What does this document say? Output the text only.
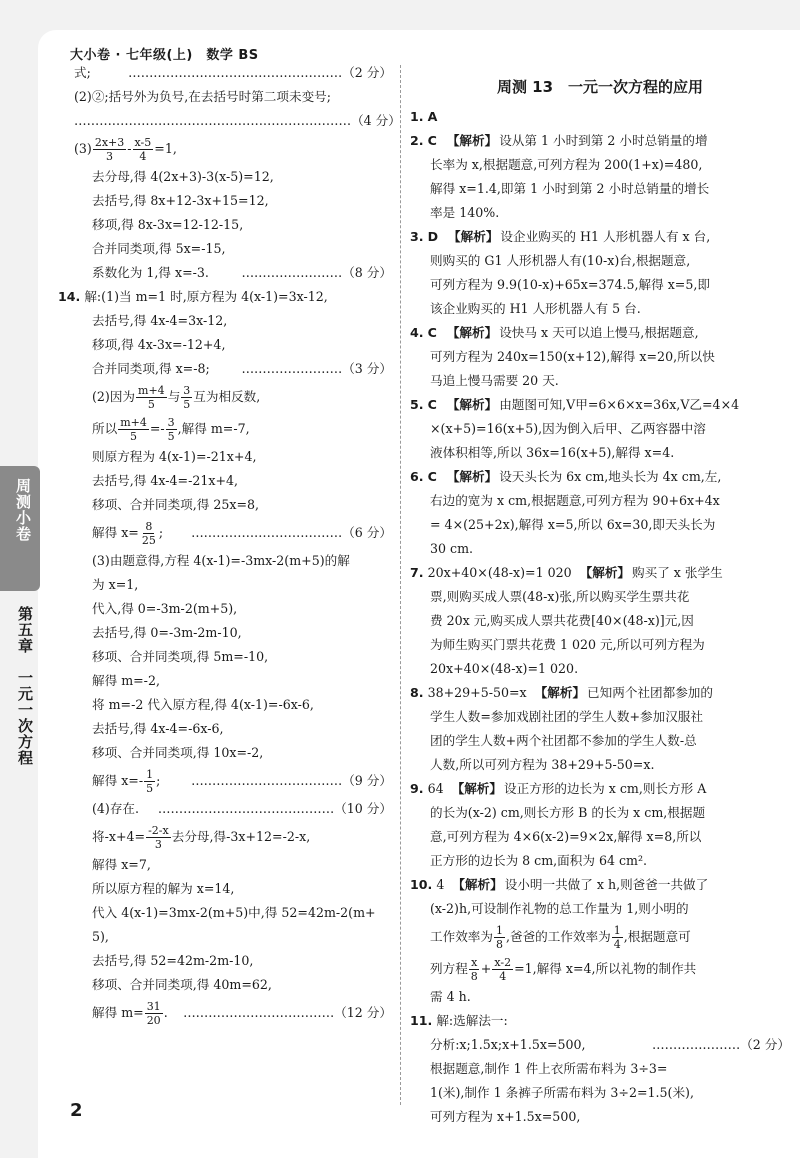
大小卷 · 七年级(上)　数学 BS
周测小卷
第五章　一元一次方程
式;	……………………………………………（2 分）
(2)②;括号外为负号,在去括号时第二项未变号;
…………………………………………………………（4 分）
$(3) \frac{2x+3}{3} - \frac{x-5}{4} =1$,
去分母,得 4(2x+3)-3(x-5)=12,
去括号,得 8x+12-3x+15=12,
移项,得 8x-3x=12-12-15,
合并同类项,得 5x=-15,
系数化为 1,得 x=-3.	……………………（8 分）
14. 解:(1)当 m=1 时,原方程为 4(x-1)=3x-12,
去括号,得 4x-4=3x-12,
移项,得 4x-3x=-12+4,
合并同类项,得 x=-8;	……………………（3 分）
(2)因为 $\frac{m+4}{5}$ 与 $\frac{3}{5}$ 互为相反数,
所以 $\frac{m+4}{5} =- \frac{3}{5}$ ,解得 m=-7,
则原方程为 4(x-1)=-21x+4,
去括号,得 4x-4=-21x+4,
移项、合并同类项,得 25x=8,
解得 $x= \frac{8}{25}$ ; ………………………………（6 分）
(3)由题意得,方程 4(x-1)=-3mx-2(m+5)的解
为 x=1,
代入,得 0=-3m-2(m+5),
去括号,得 0=-3m-2m-10,
移项、合并同类项,得 5m=-10,
解得 m=-2,
将 m=-2 代入原方程,得 4(x-1)=-6x-6,
去括号,得 4x-4=-6x-6,
移项、合并同类项,得 10x=-2,
解得 $x=- \frac{1}{5}$ ; ………………………………（9 分）
(4)存在. ……………………………………（10 分）
将$-x+4= \frac{-2-x}{3}$ 去分母,得-3x+12=-2-x,
解得 x=7,
所以原方程的解为 x=14,
代入 4(x-1)=3mx-2(m+5)中,得 52=42m-2(m+
5),
去括号,得 52=42m-2m-10,
移项、合并同类项,得 40m=62,
解得 $m= \frac{31}{20}$ . ………………………………（12 分）
周测 13　一元一次方程的应用
1. A
2. C 【解析】 设从第 1 小时到第 2 小时总销量的增
长率为 x,根据题意,可列方程为 200(1+x)=480,
解得 x=1.4,即第 1 小时到第 2 小时总销量的增长
率是 140%.
3. D 【解析】 设企业购买的 H1 人形机器人有 x 台,
则购买的 G1 人形机器人有(10-x)台,根据题意,
可列方程为 9.9(10-x)+65x=374.5,解得 x=5,即
该企业购买的 H1 人形机器人有 5 台.
4. C 【解析】 设快马 x 天可以追上慢马,根据题意,
可列方程为 240x=150(x+12),解得 x=20,所以快
马追上慢马需要 20 天.
5. C 【解析】 由题图可知,V甲=6×6×x=36x,V乙=4×4
×(x+5)=16(x+5),因为倒入后甲、乙两容器中溶
液体积相等,所以 36x=16(x+5),解得 x=4.
6. C 【解析】 设天头长为 6x cm,地头长为 4x cm,左,
右边的宽为 x cm,根据题意,可列方程为 90+6x+4x
= 4×(25+2x),解得 x=5,所以 6x=30,即天头长为
30 cm.
7. 20x+40×(48-x)=1 020 【解析】 购买了 x 张学生
票,则购买成人票(48-x)张,所以购买学生票共花
费 20x 元,购买成人票共花费[40×(48-x)]元,因
为师生购买门票共花费 1 020 元,所以可列方程为
20x+40×(48-x)=1 020.
8. 38+29+5-50=x 【解析】 已知两个社团都参加的
学生人数=参加戏剧社团的学生人数+参加汉服社
团的学生人数+两个社团都不参加的学生人数-总
人数,所以可列方程为 38+29+5-50=x.
9. 64 【解析】 设正方形的边长为 x cm,则长方形 A
的长为(x-2) cm,则长方形 B 的长为 x cm,根据题
意,可列方程为 4×6(x-2)=9×2x,解得 x=8,所以
正方形的边长为 8 cm,面积为 64 cm².
10. 4 【解析】 设小明一共做了 x h,则爸爸一共做了
(x-2)h,可设制作礼物的总工作量为 1,则小明的
工作效率为 $\frac{1}{8}$ ,爸爸的工作效率为 $\frac{1}{4}$ ,根据题意可
列方程 $\frac{x}{8} + \frac{x-2}{4} =1$,解得 x=4,所以礼物的制作共
需 4 h.
11. 解:选解法一:
分析:x;1.5x;x+1.5x=500,	…………………（2 分）
根据题意,制作 1 件上衣所需布料为 3÷3=
1(米),制作 1 条裤子所需布料为 3÷2=1.5(米),
可列方程为 x+1.5x=500,
2
